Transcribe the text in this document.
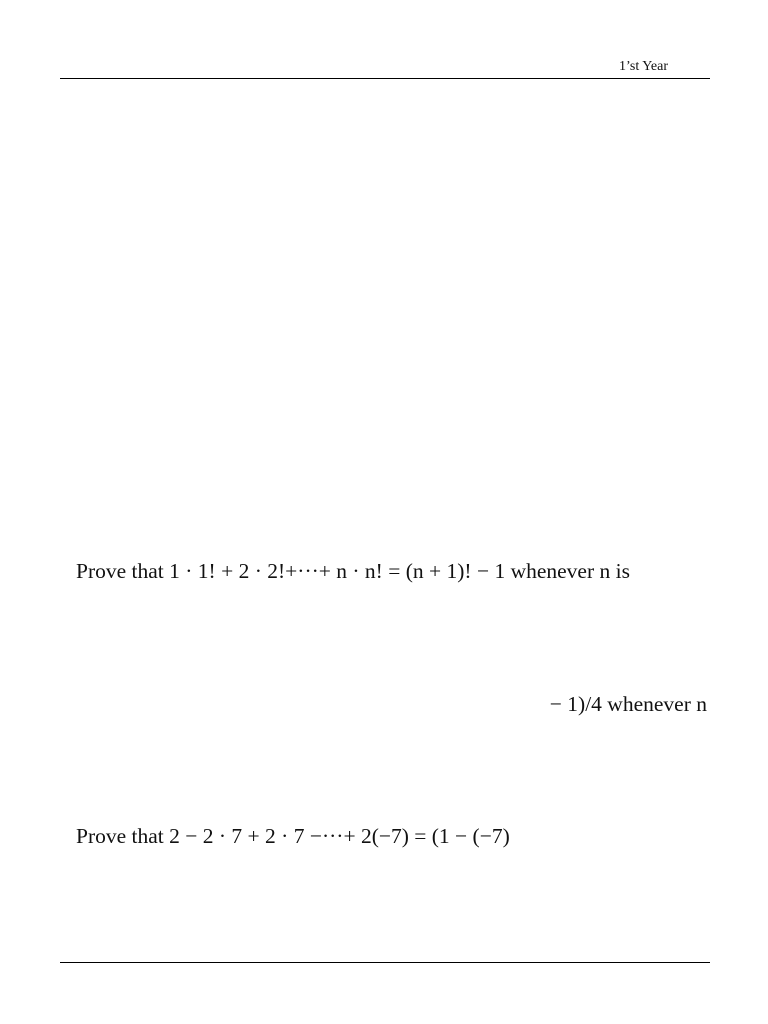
1’st Year
Prove that 1 · 1! + 2 · 2!+···+ n · n! = (n + 1)! − 1 whenever n is
− 1)/4 whenever n
Prove that 2 − 2 · 7 + 2 · 7 −···+ 2(−7) = (1 − (−7)
